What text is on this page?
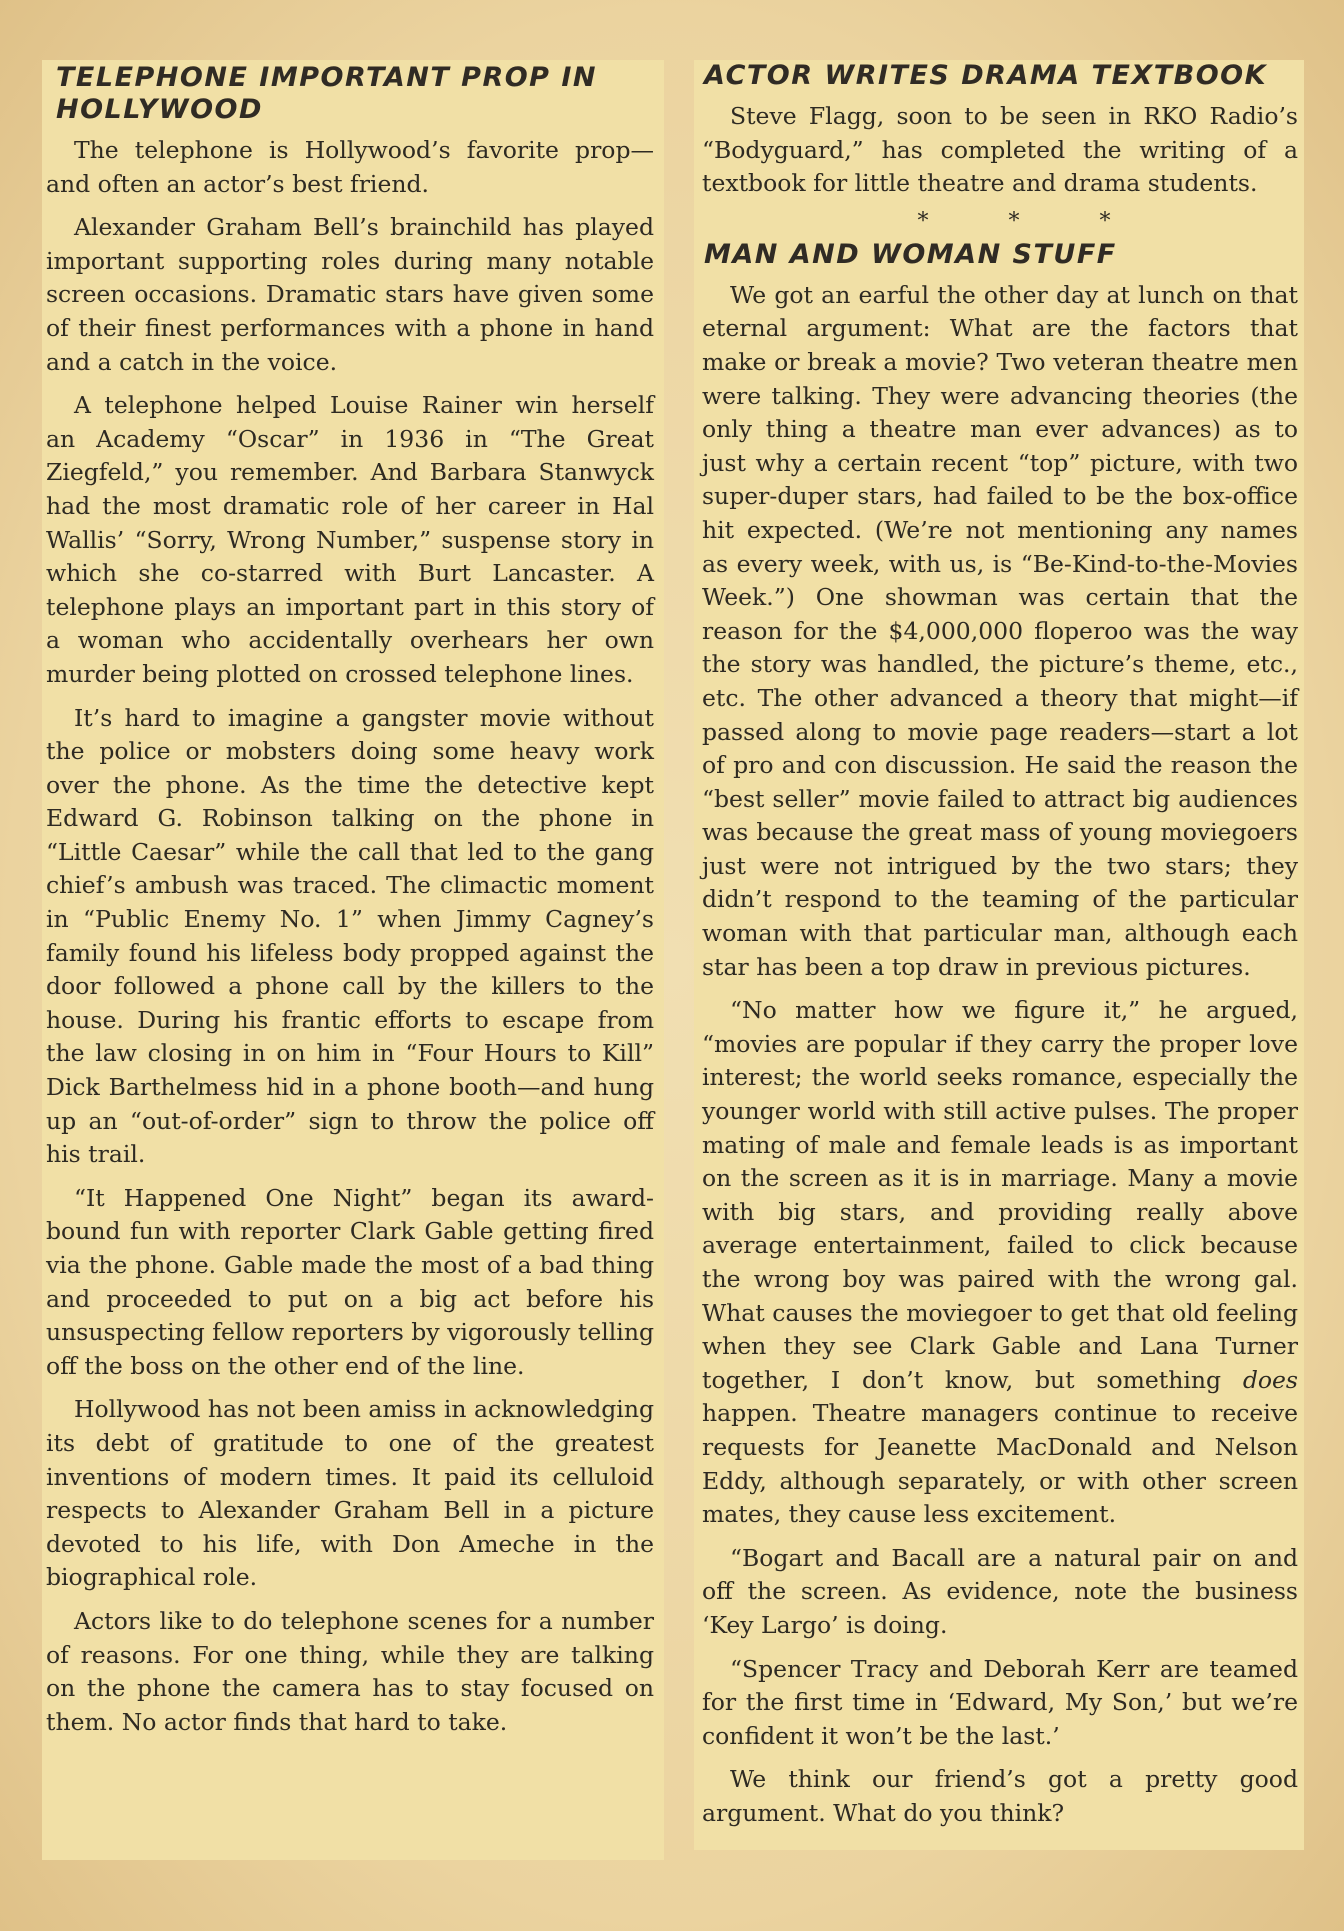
TELEPHONE IMPORTANT PROP IN HOLLYWOOD

The telephone is Hollywood’s favorite prop—and often an actor’s best friend.

Alexander Graham Bell’s brainchild has played important supporting roles during many notable screen occasions. Dramatic stars have given some of their finest performances with a phone in hand and a catch in the voice.

A telephone helped Louise Rainer win herself an Academy “Oscar” in 1936 in “The Great Ziegfeld,” you remember. And Barbara Stanwyck had the most dramatic role of her career in Hal Wallis’ “Sorry, Wrong Number,” suspense story in which she co-starred with Burt Lancaster. A telephone plays an important part in this story of a woman who accidentally overhears her own murder being plotted on crossed telephone lines.

It’s hard to imagine a gangster movie without the police or mobsters doing some heavy work over the phone. As the time the detective kept Edward G. Robinson talking on the phone in “Little Caesar” while the call that led to the gang chief’s ambush was traced. The climactic moment in “Public Enemy No. 1” when Jimmy Cagney’s family found his lifeless body propped against the door followed a phone call by the killers to the house. During his frantic efforts to escape from the law closing in on him in “Four Hours to Kill” Dick Barthelmess hid in a phone booth—and hung up an “out-of-order” sign to throw the police off his trail.

“It Happened One Night” began its award-bound fun with reporter Clark Gable getting fired via the phone. Gable made the most of a bad thing and proceeded to put on a big act before his unsuspecting fellow reporters by vigorously telling off the boss on the other end of the line.

Hollywood has not been amiss in acknowledging its debt of gratitude to one of the greatest inventions of modern times. It paid its celluloid respects to Alexander Graham Bell in a picture devoted to his life, with Don Ameche in the biographical role.

Actors like to do telephone scenes for a number of reasons. For one thing, while they are talking on the phone the camera has to stay focused on them. No actor finds that hard to take.

ACTOR WRITES DRAMA TEXTBOOK

Steve Flagg, soon to be seen in RKO Radio’s “Bodyguard,” has completed the writing of a textbook for little theatre and drama students.

*	*	*
MAN AND WOMAN STUFF

We got an earful the other day at lunch on that eternal argument: What are the factors that make or break a movie? Two veteran theatre men were talking. They were advancing theories (the only thing a theatre man ever advances) as to just why a certain recent “top” picture, with two super-duper stars, had failed to be the box-office hit expected. (We’re not mentioning any names as every week, with us, is “Be-Kind-to-the-Movies Week.”) One showman was certain that the reason for the $4,000,000 floperoo was the way the story was handled, the picture’s theme, etc., etc. The other advanced a theory that might—if passed along to movie page readers—start a lot of pro and con discussion. He said the reason the “best seller” movie failed to attract big audiences was because the great mass of young moviegoers just were not intrigued by the two stars; they didn’t respond to the teaming of the particular woman with that particular man, although each star has been a top draw in previous pictures.

“No matter how we figure it,” he argued, “movies are popular if they carry the proper love interest; the world seeks romance, especially the younger world with still active pulses. The proper mating of male and female leads is as important on the screen as it is in marriage. Many a movie with big stars, and providing really above average entertainment, failed to click because the wrong boy was paired with the wrong gal. What causes the moviegoer to get that old feeling when they see Clark Gable and Lana Turner together, I don’t know, but something does happen. Theatre managers continue to receive requests for Jeanette MacDonald and Nelson Eddy, although separately, or with other screen mates, they cause less excitement.

“Bogart and Bacall are a natural pair on and off the screen. As evidence, note the business ‘Key Largo’ is doing.

“Spencer Tracy and Deborah Kerr are teamed for the first time in ‘Edward, My Son,’ but we’re confident it won’t be the last.’

We think our friend’s got a pretty good argument. What do you think?
